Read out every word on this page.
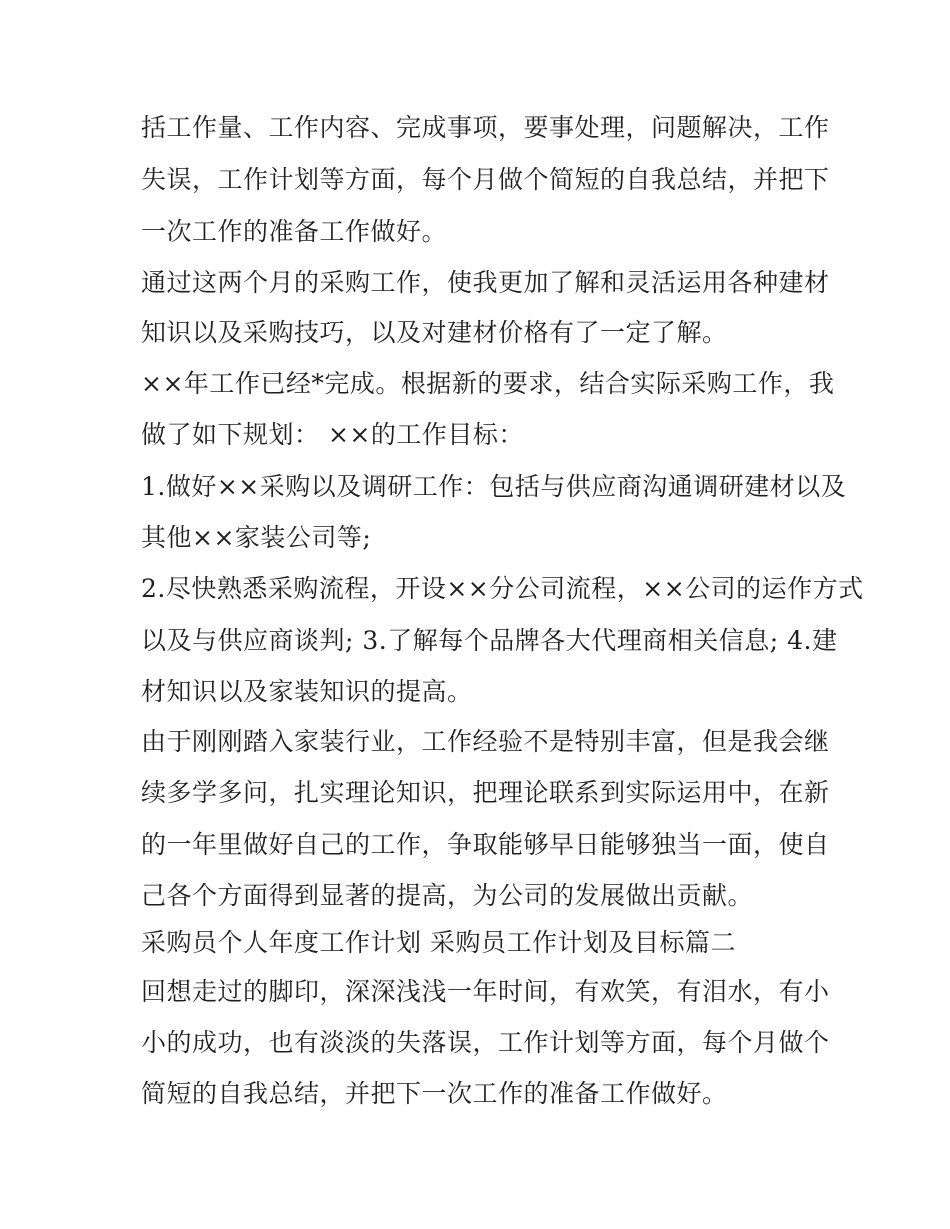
括工作量、工作内容、完成事项，要事处理，问题解决，工作
失误，工作计划等方面，每个月做个简短的自我总结，并把下
一次工作的准备工作做好。
通过这两个月的采购工作，使我更加了解和灵活运用各种建材
知识以及采购技巧，以及对建材价格有了一定了解。
××年工作已经*完成。根据新的要求，结合实际采购工作，我
做了如下规划： ××的工作目标：
1.做好××采购以及调研工作：包括与供应商沟通调研建材以及
其他××家装公司等;
2.尽快熟悉采购流程，开设××分公司流程，××公司的运作方式
以及与供应商谈判; 3.了解每个品牌各大代理商相关信息; 4.建
材知识以及家装知识的提高。
由于刚刚踏入家装行业，工作经验不是特别丰富，但是我会继
续多学多问，扎实理论知识，把理论联系到实际运用中，在新
的一年里做好自己的工作，争取能够早日能够独当一面，使自
己各个方面得到显著的提高，为公司的发展做出贡献。
采购员个人年度工作计划 采购员工作计划及目标篇二
回想走过的脚印，深深浅浅一年时间，有欢笑，有泪水，有小
小的成功，也有淡淡的失落误，工作计划等方面，每个月做个
简短的自我总结，并把下一次工作的准备工作做好。
